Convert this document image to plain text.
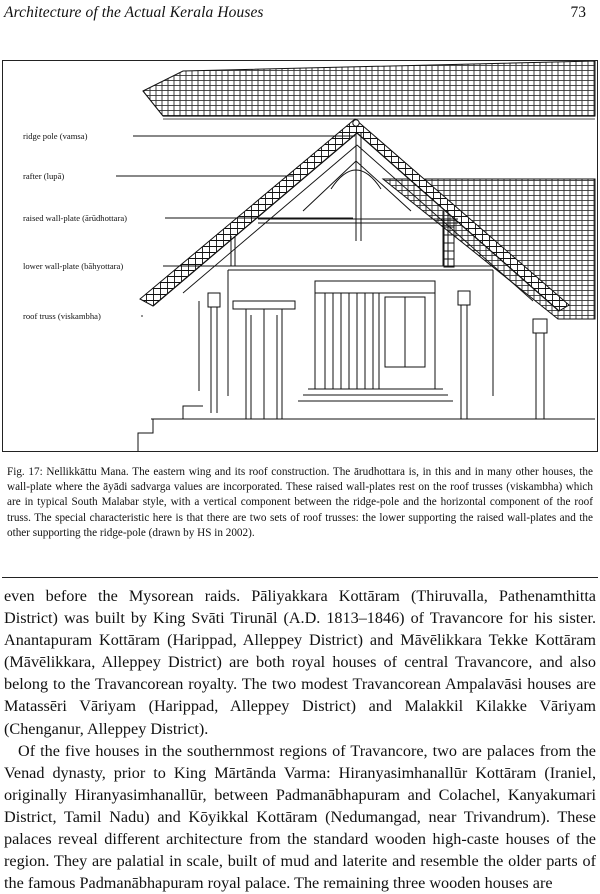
Architecture of the Actual Kerala Houses	73
ridge pole (vamsa)
rafter (lupā)
raised wall-plate (ārūdhottara)
lower wall-plate (bāhyottara)
roof truss (viskambha)
Fig. 17: Nellikkāttu Mana. The eastern wing and its roof construction. The ārudhottara is, in this and in many other houses, the wall-plate where the āyādi sadvarga values are incorporated. These raised wall-plates rest on the roof trusses (viskambha) which are in typical South Malabar style, with a vertical component between the ridge-pole and the horizontal component of the roof truss. The special characteristic here is that there are two sets of roof trusses: the lower supporting the raised wall-plates and the other supporting the ridge-pole (drawn by HS in 2002).

even before the Mysorean raids. Pāliyakkara Kottāram (Thiruvalla, Pathenamthitta District) was built by King Svāti Tirunāl (A.D. 1813–1846) of Travancore for his sister. Anantapuram Kottāram (Harippad, Alleppey District) and Māvēlikkara Tekke Kottāram (Māvēlikkara, Alleppey District) are both royal houses of central Travancore, and also belong to the Travancorean royalty. The two modest Travancorean Ampalavāsi houses are Matassēri Vāriyam (Harippad, Alleppey District) and Malakkil Kilakke Vāriyam (Chenganur, Alleppey District).

Of the five houses in the southernmost regions of Travancore, two are palaces from the Venad dynasty, prior to King Mārtānda Varma: Hiranyasimhanallūr Kottāram (Iraniel, originally Hiranyasimhanallūr, between Padmanābhapuram and Colachel, Kanyakumari District, Tamil Nadu) and Kōyikkal Kottāram (Nedumangad, near Trivandrum). These palaces reveal different architecture from the standard wooden high-caste houses of the region. They are palatial in scale, built of mud and laterite and resemble the older parts of the famous Padmanābhapuram royal palace. The remaining three wooden houses are
